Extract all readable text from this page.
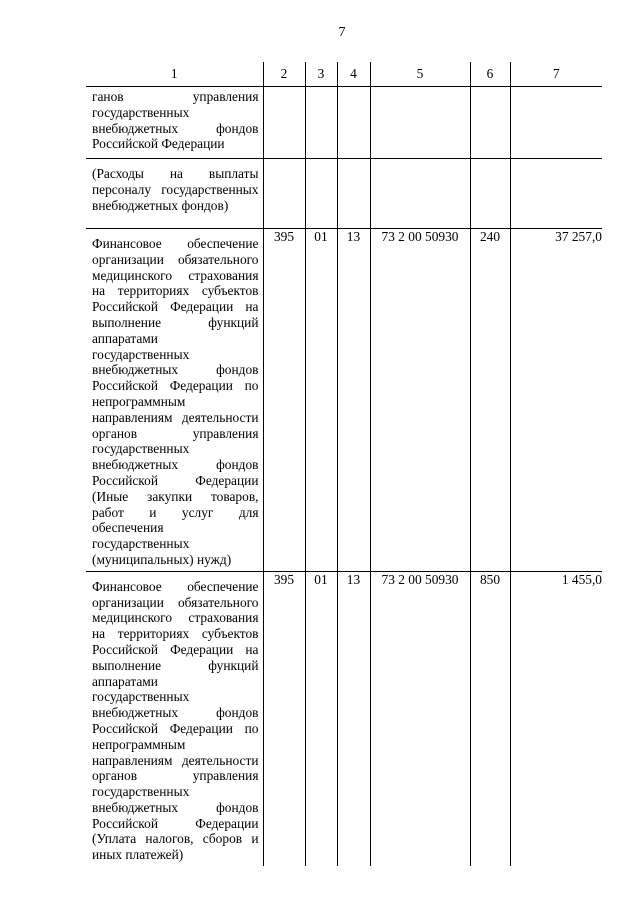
7
1	2	3	4	5	6	7

ганов управления государственных внебюджетных фондов Российской Федерации						

(Расходы на выплаты персоналу государственных внебюджетных фондов)						

Финансовое обеспечение организации обязательного медицинского страхования на территориях субъектов Российской Федерации на выполнение функций аппаратами государственных внебюджетных фондов Российской Федерации по непрограммным направлениям деятельности органов управления государственных внебюджетных фондов Российской Федерации (Иные закупки товаров, работ и услуг для обеспечения государственных (муниципальных) нужд)	395	01	13	73 2 00 50930	240	37 257,0

Финансовое обеспечение организации обязательного медицинского страхования на территориях субъектов Российской Федерации на выполнение функций аппаратами государственных внебюджетных фондов Российской Федерации по непрограммным направлениям деятельности органов управления государственных внебюджетных фондов Российской Федерации (Уплата налогов, сборов и иных платежей)	395	01	13	73 2 00 50930	850	1 455,0
